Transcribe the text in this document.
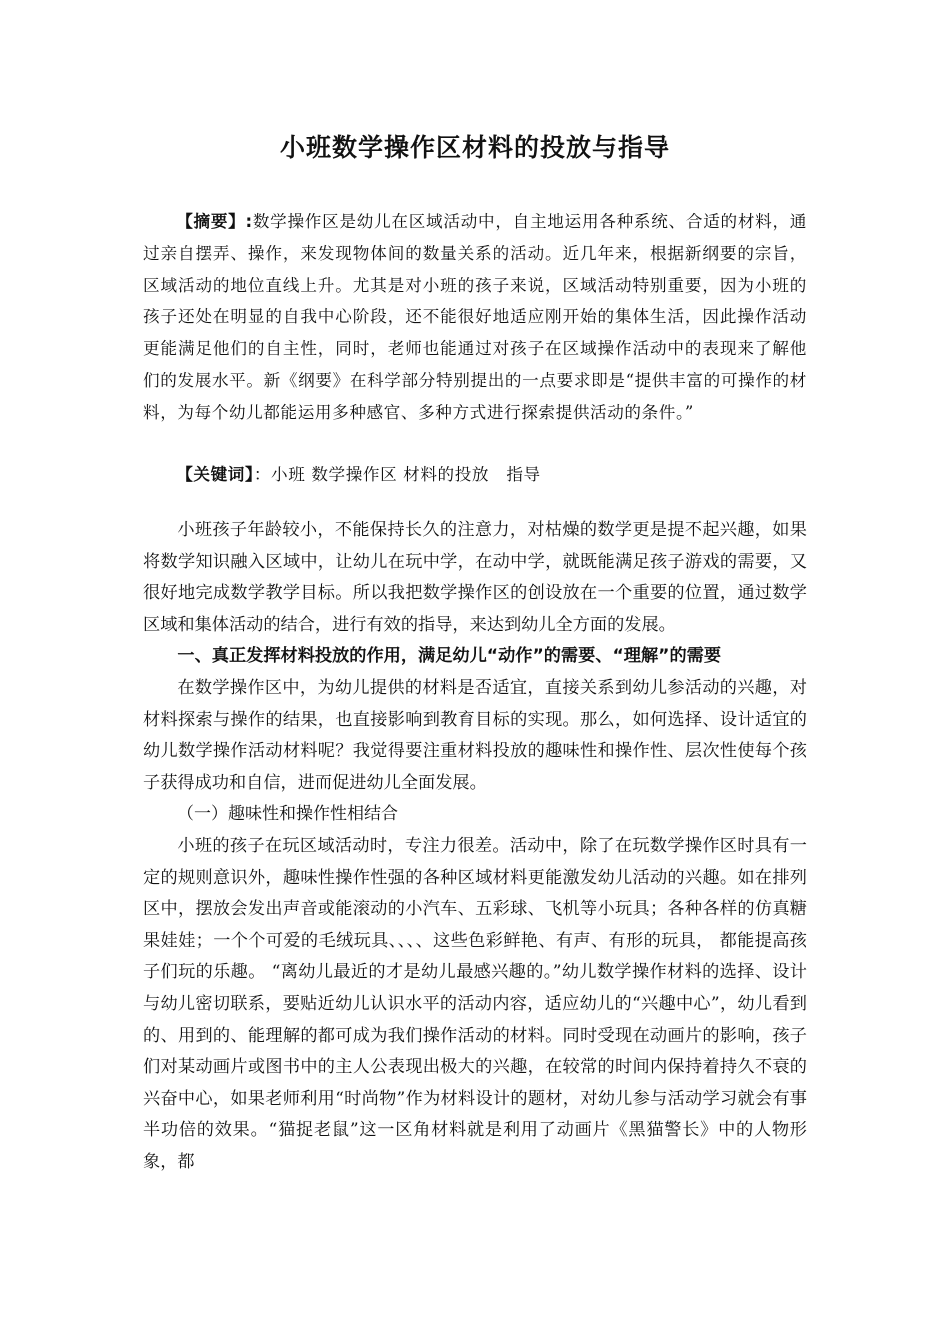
小班数学操作区材料的投放与指导

【摘要】:数学操作区是幼儿在区域活动中，自主地运用各种系统、合适的材料，通过亲自摆弄、操作，来发现物体间的数量关系的活动。近几年来，根据新纲要的宗旨，区域活动的地位直线上升。尤其是对小班的孩子来说，区域活动特别重要，因为小班的孩子还处在明显的自我中心阶段，还不能很好地适应刚开始的集体生活，因此操作活动更能满足他们的自主性，同时，老师也能通过对孩子在区域操作活动中的表现来了解他们的发展水平。新《纲要》在科学部分特别提出的一点要求即是“提供丰富的可操作的材料，为每个幼儿都能运用多种感官、多种方式进行探索提供活动的条件。”

【关键词】：小班 数学操作区 材料的投放　指导

小班孩子年龄较小，不能保持长久的注意力，对枯燥的数学更是提不起兴趣，如果将数学知识融入区域中，让幼儿在玩中学，在动中学，就既能满足孩子游戏的需要，又很好地完成数学教学目标。所以我把数学操作区的创设放在一个重要的位置，通过数学区域和集体活动的结合，进行有效的指导，来达到幼儿全方面的发展。

一、真正发挥材料投放的作用，满足幼儿“动作”的需要、“理解”的需要

在数学操作区中，为幼儿提供的材料是否适宜，直接关系到幼儿参活动的兴趣，对材料探索与操作的结果，也直接影响到教育目标的实现。那么，如何选择、设计适宜的幼儿数学操作活动材料呢？我觉得要注重材料投放的趣味性和操作性、层次性使每个孩子获得成功和自信，进而促进幼儿全面发展。

（一）趣味性和操作性相结合

小班的孩子在玩区域活动时，专注力很差。活动中，除了在玩数学操作区时具有一定的规则意识外，趣味性操作性强的各种区域材料更能激发幼儿活动的兴趣。如在排列区中，摆放会发出声音或能滚动的小汽车、五彩球、飞机等小玩具；各种各样的仿真糖果娃娃；一个个可爱的毛绒玩具、、、、这些色彩鲜艳、有声、有形的玩具， 都能提高孩子们玩的乐趣。 “离幼儿最近的才是幼儿最感兴趣的。”幼儿数学操作材料的选择、设计与幼儿密切联系，要贴近幼儿认识水平的活动内容，适应幼儿的“兴趣中心”，幼儿看到的、用到的、能理解的都可成为我们操作活动的材料。同时受现在动画片的影响，孩子们对某动画片或图书中的主人公表现出极大的兴趣，在较常的时间内保持着持久不衰的兴奋中心，如果老师利用“时尚物”作为材料设计的题材，对幼儿参与活动学习就会有事半功倍的效果。“猫捉老鼠”这一区角材料就是利用了动画片《黑猫警长》中的人物形象，都
